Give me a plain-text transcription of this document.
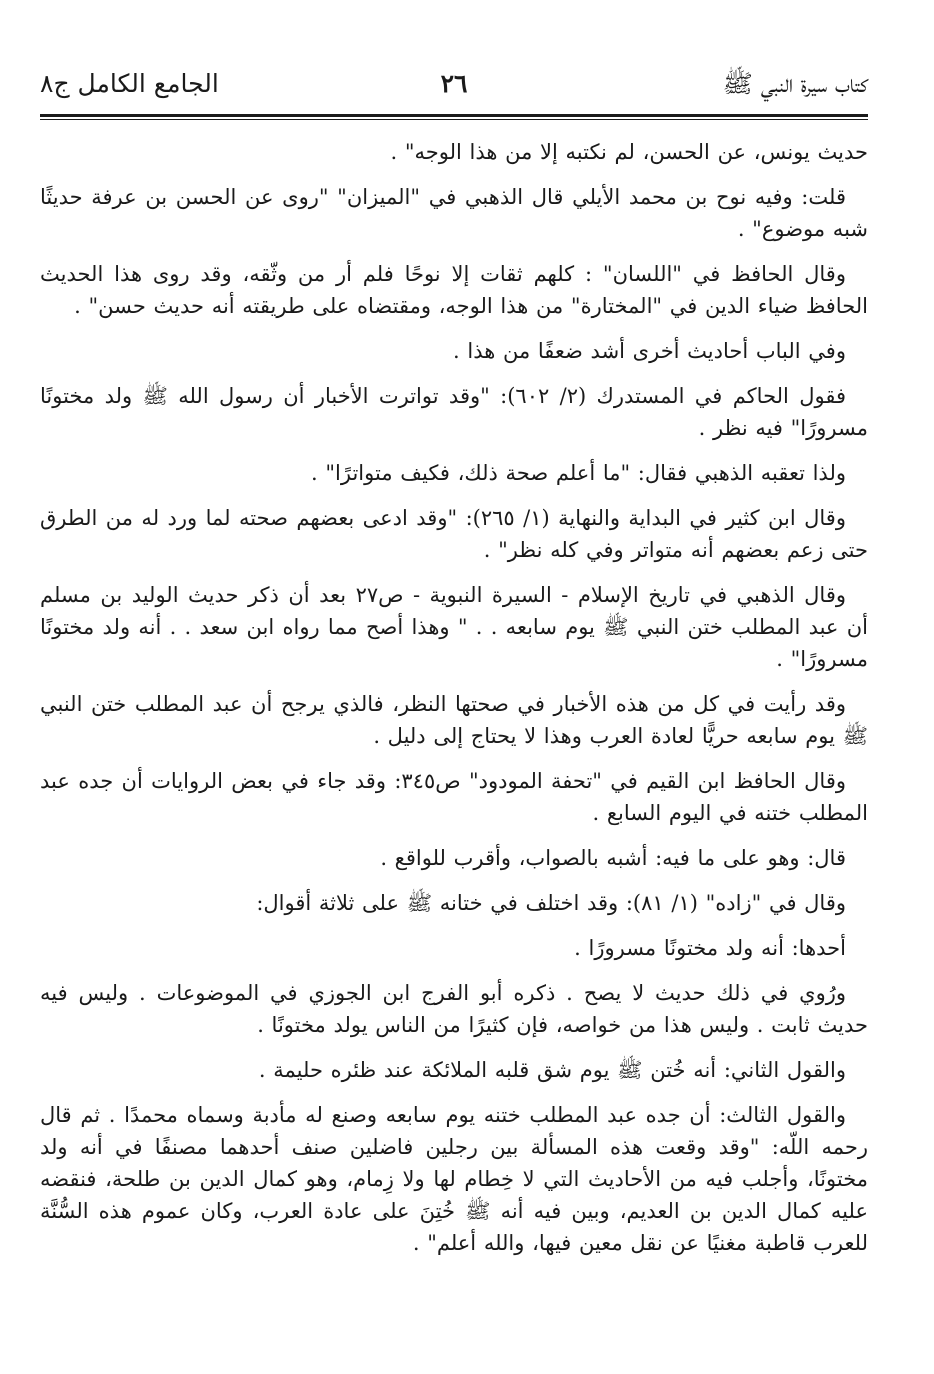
كتاب سيرة النبي ﷺ
٢٦
الجامع الكامل ج٨

حديث يونس، عن الحسن، لم نكتبه إلا من هذا الوجه" .

قلت: وفيه نوح بن محمد الأيلي قال الذهبي في "الميزان" "روى عن الحسن بن عرفة حديثًا شبه موضوع" .

وقال الحافظ في "اللسان" : كلهم ثقات إلا نوحًا فلم أر من وثّقه، وقد روى هذا الحديث الحافظ ضياء الدين في "المختارة" من هذا الوجه، ومقتضاه على طريقته أنه حديث حسن" .

وفي الباب أحاديث أخرى أشد ضعفًا من هذا .

فقول الحاكم في المستدرك (٢/ ٦٠٢): "وقد تواترت الأخبار أن رسول الله ﷺ ولد مختونًا مسرورًا" فيه نظر .

ولذا تعقبه الذهبي فقال: "ما أعلم صحة ذلك، فكيف متواترًا" .

وقال ابن كثير في البداية والنهاية (١/ ٢٦٥): "وقد ادعى بعضهم صحته لما ورد له من الطرق حتى زعم بعضهم أنه متواتر وفي كله نظر" .

وقال الذهبي في تاريخ الإسلام - السيرة النبوية - ص٢٧ بعد أن ذكر حديث الوليد بن مسلم أن عبد المطلب ختن النبي ﷺ يوم سابعه . . " وهذا أصح مما رواه ابن سعد . . أنه ولد مختونًا مسرورًا" .

وقد رأيت في كل من هذه الأخبار في صحتها النظر، فالذي يرجح أن عبد المطلب ختن النبي ﷺ يوم سابعه حريًّا لعادة العرب وهذا لا يحتاج إلى دليل .

وقال الحافظ ابن القيم في "تحفة المودود" ص٣٤٥: وقد جاء في بعض الروايات أن جده عبد المطلب ختنه في اليوم السابع .

قال: وهو على ما فيه: أشبه بالصواب، وأقرب للواقع .

وقال في "زاده" (١/ ٨١): وقد اختلف في ختانه ﷺ على ثلاثة أقوال:

أحدها: أنه ولد مختونًا مسرورًا .

ورُوي في ذلك حديث لا يصح . ذكره أبو الفرج ابن الجوزي في الموضوعات . وليس فيه حديث ثابت . وليس هذا من خواصه، فإن كثيرًا من الناس يولد مختونًا .

والقول الثاني: أنه خُتن ﷺ يوم شق قلبه الملائكة عند ظئره حليمة .

والقول الثالث: أن جده عبد المطلب ختنه يوم سابعه وصنع له مأدبة وسماه محمدًا . ثم قال رحمه اللّه: "وقد وقعت هذه المسألة بين رجلين فاضلين صنف أحدهما مصنفًا في أنه ولد مختونًا، وأجلب فيه من الأحاديث التي لا خِطام لها ولا زِمام، وهو كمال الدين بن طلحة، فنقضه عليه كمال الدين بن العديم، وبين فيه أنه ﷺ خُتِنَ على عادة العرب، وكان عموم هذه السُّنَّة للعرب قاطبة مغنيًا عن نقل معين فيها، والله أعلم" .
